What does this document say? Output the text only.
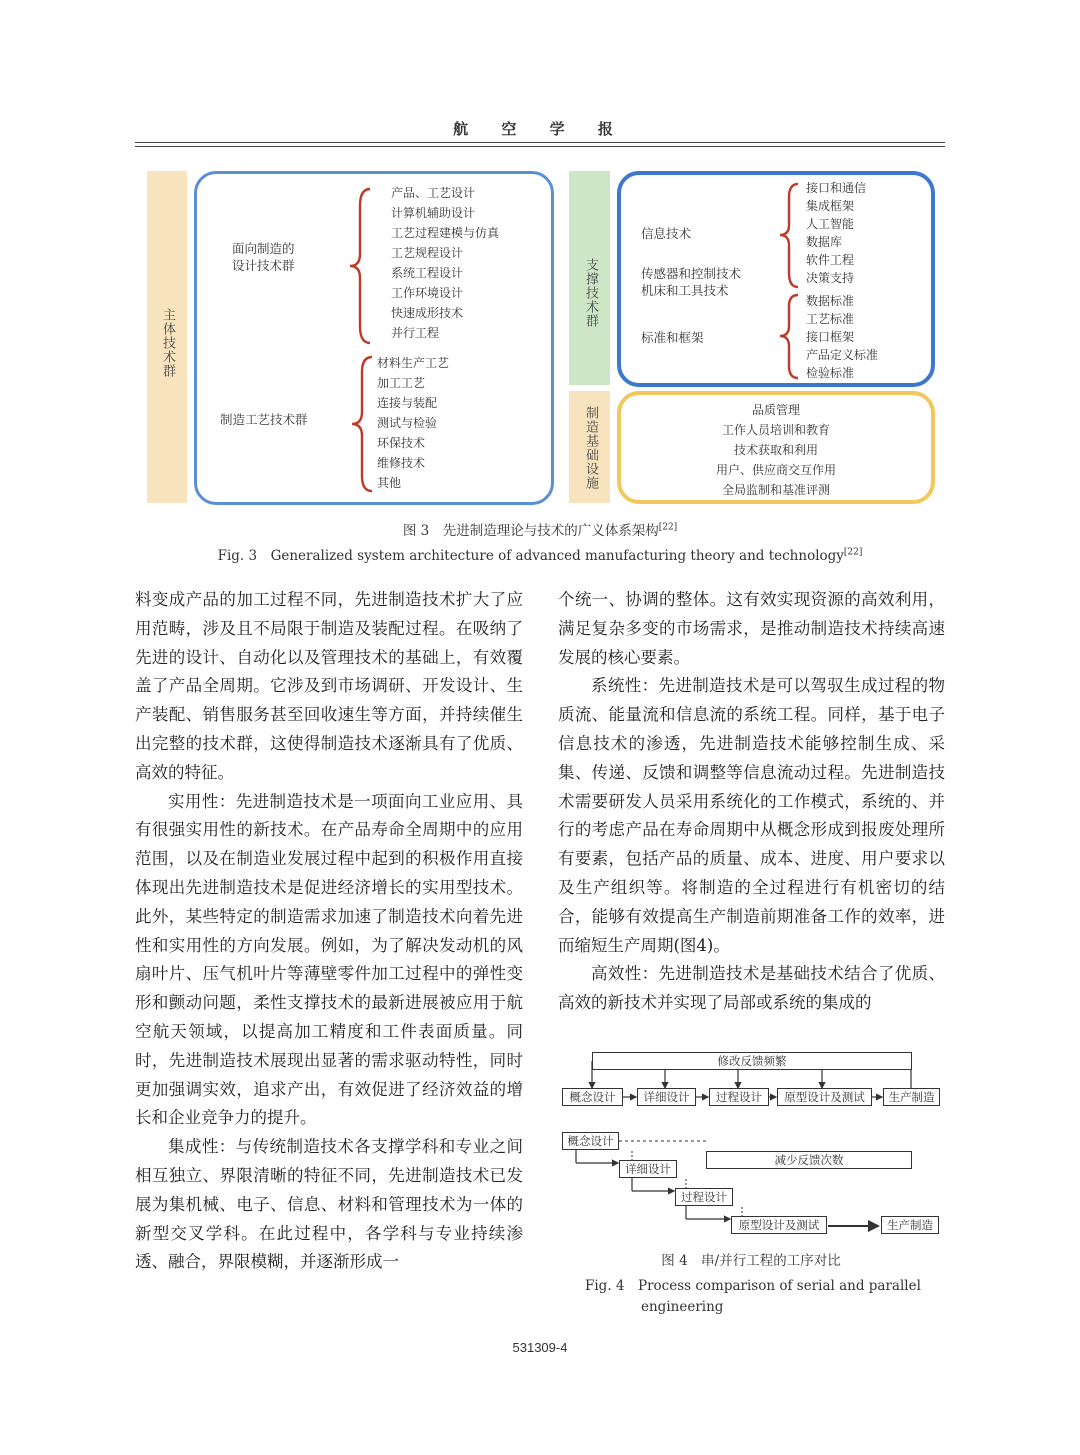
航 空 学 报
主体技术群
面向制造的
设计技术群
产品、工艺设计
计算机辅助设计
工艺过程建模与仿真
工艺规程设计
系统工程设计
工作环境设计
快速成形技术
并行工程
制造工艺技术群
材料生产工艺
加工工艺
连接与装配
测试与检验
环保技术
维修技术
其他
支撑技术群
制造基础设施
信息技术
传感器和控制技术
机床和工具技术
标准和框架
接口和通信
集成框架
人工智能
数据库
软件工程
决策支持
数据标准
工艺标准
接口框架
产品定义标准
检验标准
品质管理
工作人员培训和教育
技术获取和利用
用户、供应商交互作用
全局监制和基准评测
图 3　先进制造理论与技术的广义体系架构[22]
Fig. 3　Generalized system architecture of advanced manufacturing theory and technology[22]

料变成产品的加工过程不同，先进制造技术扩大了应用范畴，涉及且不局限于制造及装配过程。在吸纳了先进的设计、自动化以及管理技术的基础上，有效覆盖了产品全周期。它涉及到市场调研、开发设计、生产装配、销售服务甚至回收速生等方面，并持续催生出完整的技术群，这使得制造技术逐渐具有了优质、高效的特征。

实用性：先进制造技术是一项面向工业应用、具有很强实用性的新技术。在产品寿命全周期中的应用范围，以及在制造业发展过程中起到的积极作用直接体现出先进制造技术是促进经济增长的实用型技术。此外，某些特定的制造需求加速了制造技术向着先进性和实用性的方向发展。例如，为了解决发动机的风扇叶片、压气机叶片等薄壁零件加工过程中的弹性变形和颤动问题，柔性支撑技术的最新进展被应用于航空航天领域，以提高加工精度和工件表面质量。同时，先进制造技术展现出显著的需求驱动特性，同时更加强调实效，追求产出，有效促进了经济效益的增长和企业竞争力的提升。

集成性：与传统制造技术各支撑学科和专业之间相互独立、界限清晰的特征不同，先进制造技术已发展为集机械、电子、信息、材料和管理技术为一体的新型交叉学科。在此过程中，各学科与专业持续渗透、融合，界限模糊，并逐渐形成一

个统一、协调的整体。这有效实现资源的高效利用，满足复杂多变的市场需求，是推动制造技术持续高速发展的核心要素。

系统性：先进制造技术是可以驾驭生成过程的物质流、能量流和信息流的系统工程。同样，基于电子信息技术的渗透，先进制造技术能够控制生成、采集、传递、反馈和调整等信息流动过程。先进制造技术需要研发人员采用系统化的工作模式，系统的、并行的考虑产品在寿命周期中从概念形成到报废处理所有要素，包括产品的质量、成本、进度、用户要求以及生产组织等。将制造的全过程进行有机密切的结合，能够有效提高生产制造前期准备工作的效率，进而缩短生产周期(图4)。

高效性：先进制造技术是基础技术结合了优质、高效的新技术并实现了局部或系统的集成的

修改反馈频繁
概念设计	详细设计	过程设计	原型设计及测试	生产制造
概念设计
详细设计
过程设计
原型设计及测试	生产制造
减少反馈次数
图 4　串/并行工程的工序对比
Fig. 4　Process comparison of serial and parallel
engineering
531309-4
